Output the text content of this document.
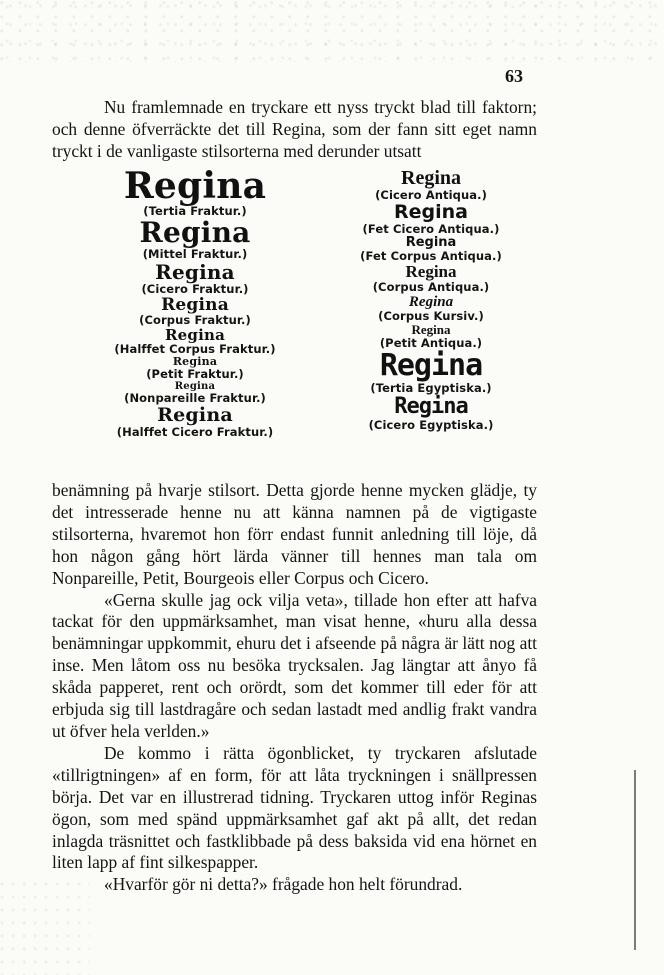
63

Nu framlemnade en tryckare ett nyss tryckt blad till faktorn; och denne öfverräckte det till Regina, som der fann sitt eget namn tryckt i de vanligaste stilsorterna med derunder utsatt

Regina
(Tertia Fraktur.)
Regina
(Mittel Fraktur.)
Regina
(Cicero Fraktur.)
Regina
(Corpus Fraktur.)
Regina
(Halffet Corpus Fraktur.)
Regina
(Petit Fraktur.)
Regina
(Nonpareille Fraktur.)
Regina
(Halffet Cicero Fraktur.)
Regina
(Cicero Antiqua.)
Regina
(Fet Cicero Antiqua.)
Regina
(Fet Corpus Antiqua.)
Regina
(Corpus Antiqua.)
Regina
(Corpus Kursiv.)
Regina
(Petit Antiqua.)
Regina
(Tertia Egyptiska.)
Regina
(Cicero Egyptiska.)

benämning på hvarje stilsort. Detta gjorde henne mycken glädje, ty det intresserade henne nu att känna namnen på de vigtigaste stilsorterna, hvaremot hon förr endast funnit anledning till löje, då hon någon gång hört lärda vänner till hennes man tala om Nonpareille, Petit, Bourgeois eller Corpus och Cicero.

«Gerna skulle jag ock vilja veta», tillade hon efter att hafva tackat för den uppmärksamhet, man visat henne, «huru alla dessa benämningar uppkommit, ehuru det i afseende på några är lätt nog att inse. Men låtom oss nu besöka trycksalen. Jag längtar att ånyo få skåda papperet, rent och orördt, som det kommer till eder för att erbjuda sig till lastdragåre och sedan lastadt med andlig frakt vandra ut öfver hela verlden.»

De kommo i rätta ögonblicket, ty tryckaren afslutade «tillrigtningen» af en form, för att låta tryckningen i snällpressen börja. Det var en illustrerad tidning. Tryckaren uttog inför Reginas ögon, som med spänd uppmärksamhet gaf akt på allt, det redan inlagda träsnittet och fastklibbade på dess baksida vid ena hörnet en liten lapp af fint silkespapper.

«Hvarför gör ni detta?» frågade hon helt förundrad.
